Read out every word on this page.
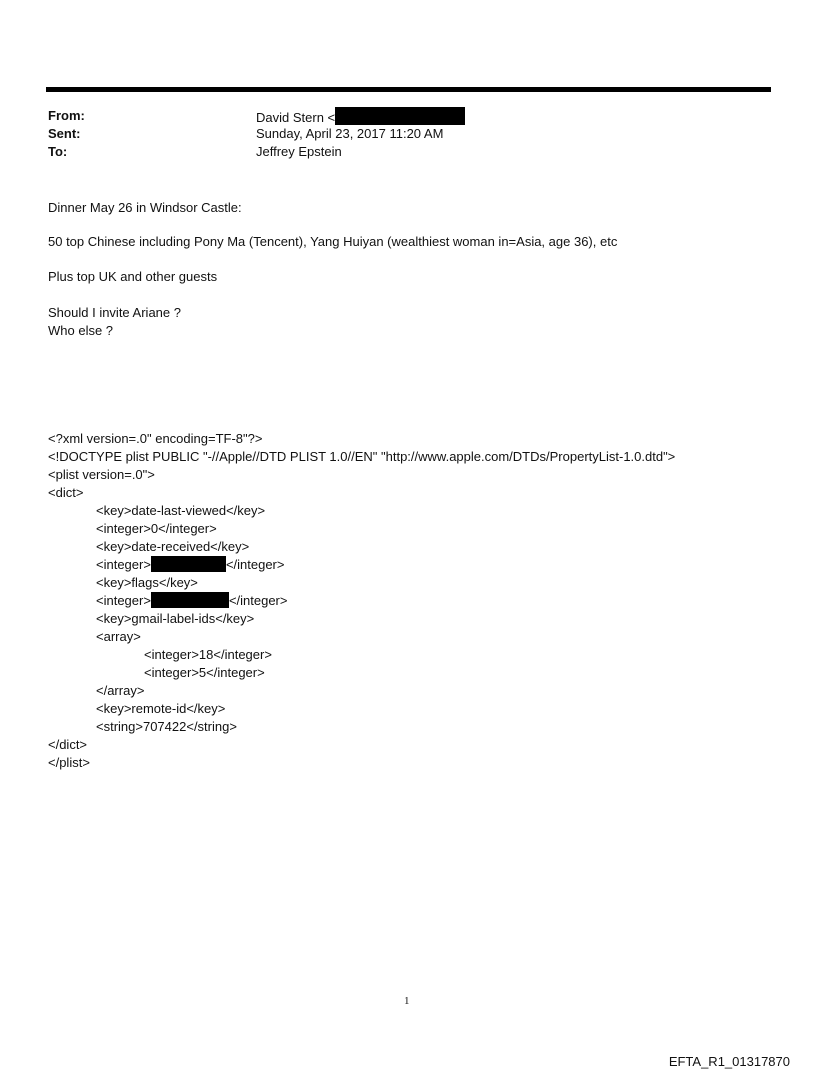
From:	David Stern <
Sent:	Sunday, April 23, 2017 11:20 AM
To:	Jeffrey Epstein
Dinner May 26 in Windsor Castle:
50 top Chinese including Pony Ma (Tencent), Yang Huiyan (wealthiest woman in=Asia, age 36), etc
Plus top UK and other guests
Should I invite Ariane ?
Who else ?
<?xml version=.0" encoding=TF-8"?>
<!DOCTYPE plist PUBLIC "-//Apple//DTD PLIST 1.0//EN" "http://www.apple.com/DTDs/PropertyList-1.0.dtd">
<plist version=.0">
<dict>
<key>date-last-viewed</key>
<integer>0</integer>
<key>date-received</key>
<integer>	</integer>
<key>flags</key>
<integer>	</integer>
<key>gmail-label-ids</key>
<array>
<integer>18</integer>
<integer>5</integer>
</array>
<key>remote-id</key>
<string>707422</string>
</dict>
</plist>
1
EFTA_R1_01317870
